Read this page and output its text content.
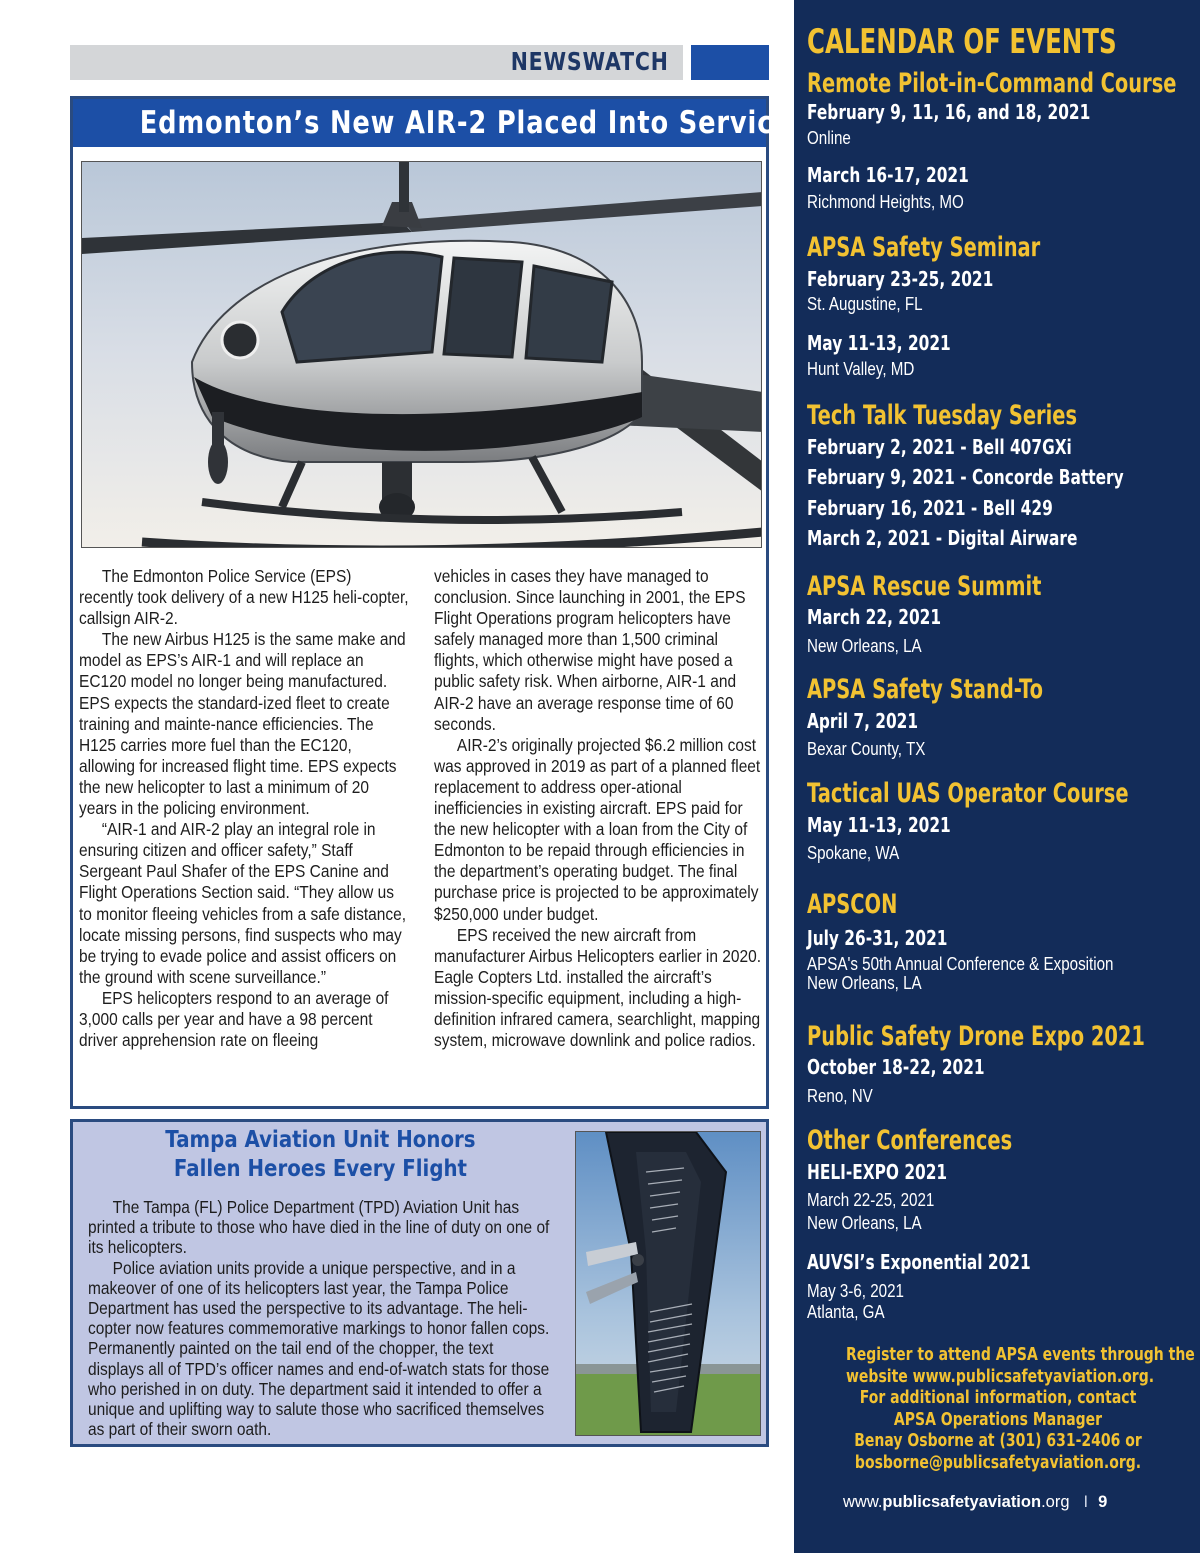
NEWSWATCH
Edmonton’s New AIR-2 Placed Into Service

The Edmonton Police Service (EPS) recently took delivery of a new H125 heli-copter, callsign AIR-2.

The new Airbus H125 is the same make and model as EPS’s AIR-1 and will replace an EC120 model no longer being manufactured. EPS expects the standard-ized fleet to create training and mainte-nance efficiencies. The H125 carries more fuel than the EC120, allowing for increased flight time. EPS expects the new helicopter to last a minimum of 20 years in the policing environment.

“AIR-1 and AIR-2 play an integral role in ensuring citizen and officer safety,” Staff Sergeant Paul Shafer of the EPS Canine and Flight Operations Section said. “They allow us to monitor fleeing vehicles from a safe distance, locate missing persons, find suspects who may be trying to evade police and assist officers on the ground with scene surveillance.”

EPS helicopters respond to an average of 3,000 calls per year and have a 98 percent driver apprehension rate on fleeing

vehicles in cases they have managed to conclusion. Since launching in 2001, the EPS Flight Operations program helicopters have safely managed more than 1,500 criminal flights, which otherwise might have posed a public safety risk. When airborne, AIR-1 and AIR-2 have an average response time of 60 seconds.

AIR-2’s originally projected $6.2 million cost was approved in 2019 as part of a planned fleet replacement to address oper-ational inefficiencies in existing aircraft. EPS paid for the new helicopter with a loan from the City of Edmonton to be repaid through efficiencies in the department’s operating budget. The final purchase price is projected to be approximately $250,000 under budget.

EPS received the new aircraft from manufacturer Airbus Helicopters earlier in 2020. Eagle Copters Ltd. installed the aircraft’s mission-specific equipment, including a high-definition infrared camera, searchlight, mapping system, microwave downlink and police radios.

Tampa Aviation Unit Honors
Fallen Heroes Every Flight

The Tampa (FL) Police Department (TPD) Aviation Unit has printed a tribute to those who have died in the line of duty on one of its helicopters.

Police aviation units provide a unique perspective, and in a makeover of one of its helicopters last year, the Tampa Police Department has used the perspective to its advantage. The heli-copter now features commemorative markings to honor fallen cops. Permanently painted on the tail end of the chopper, the text displays all of TPD’s officer names and end-of-watch stats for those who perished in on duty. The department said it intended to offer a unique and uplifting way to salute those who sacrificed themselves as part of their sworn oath.

CALENDAR OF EVENTS
Remote Pilot-in-Command Course
February 9, 11, 16, and 18, 2021
Online
March 16-17, 2021
Richmond Heights, MO
APSA Safety Seminar
February 23-25, 2021
St. Augustine, FL
May 11-13, 2021
Hunt Valley, MD
Tech Talk Tuesday Series
February 2, 2021 - Bell 407GXi
February 9, 2021 - Concorde Battery
February 16, 2021 - Bell 429
March 2, 2021 - Digital Airware
APSA Rescue Summit
March 22, 2021
New Orleans, LA
APSA Safety Stand-To
April 7, 2021
Bexar County, TX
Tactical UAS Operator Course
May 11-13, 2021
Spokane, WA
APSCON
July 26-31, 2021
APSA's 50th Annual Conference & Exposition
New Orleans, LA
Public Safety Drone Expo 2021
October 18-22, 2021
Reno, NV
Other Conferences
HELI-EXPO 2021
March 22-25, 2021
New Orleans, LA
AUVSI’s Exponential 2021
May 3-6, 2021
Atlanta, GA
Register to attend APSA events through the
website www.publicsafetyaviation.org.
For additional information, contact
APSA Operations Manager
Benay Osborne at (301) 631-2406 or
bosborne@publicsafetyaviation.org.
www.publicsafetyaviation.org I 9
